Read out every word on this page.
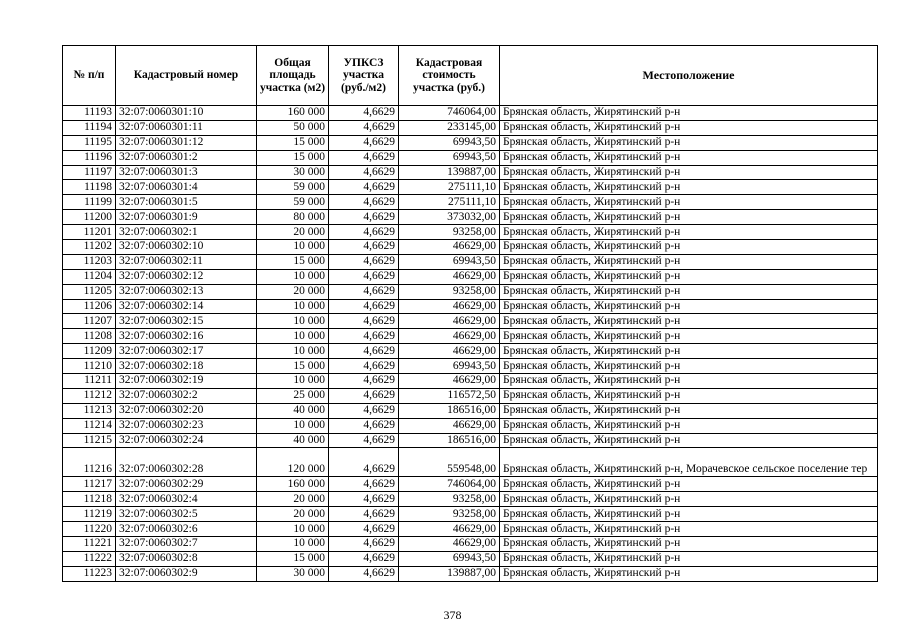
№ п/п	Кадастровый номер	Общая площадь участка (м2)	УПКСЗ участка (руб./м2)	Кадастровая стоимость участка (руб.)	Местоположение
11193	32:07:0060301:10	160 000	4,6629	746064,00	Брянская область, Жирятинский р-н
11194	32:07:0060301:11	50 000	4,6629	233145,00	Брянская область, Жирятинский р-н
11195	32:07:0060301:12	15 000	4,6629	69943,50	Брянская область, Жирятинский р-н
11196	32:07:0060301:2	15 000	4,6629	69943,50	Брянская область, Жирятинский р-н
11197	32:07:0060301:3	30 000	4,6629	139887,00	Брянская область, Жирятинский р-н
11198	32:07:0060301:4	59 000	4,6629	275111,10	Брянская область, Жирятинский р-н
11199	32:07:0060301:5	59 000	4,6629	275111,10	Брянская область, Жирятинский р-н
11200	32:07:0060301:9	80 000	4,6629	373032,00	Брянская область, Жирятинский р-н
11201	32:07:0060302:1	20 000	4,6629	93258,00	Брянская область, Жирятинский р-н
11202	32:07:0060302:10	10 000	4,6629	46629,00	Брянская область, Жирятинский р-н
11203	32:07:0060302:11	15 000	4,6629	69943,50	Брянская область, Жирятинский р-н
11204	32:07:0060302:12	10 000	4,6629	46629,00	Брянская область, Жирятинский р-н
11205	32:07:0060302:13	20 000	4,6629	93258,00	Брянская область, Жирятинский р-н
11206	32:07:0060302:14	10 000	4,6629	46629,00	Брянская область, Жирятинский р-н
11207	32:07:0060302:15	10 000	4,6629	46629,00	Брянская область, Жирятинский р-н
11208	32:07:0060302:16	10 000	4,6629	46629,00	Брянская область, Жирятинский р-н
11209	32:07:0060302:17	10 000	4,6629	46629,00	Брянская область, Жирятинский р-н
11210	32:07:0060302:18	15 000	4,6629	69943,50	Брянская область, Жирятинский р-н
11211	32:07:0060302:19	10 000	4,6629	46629,00	Брянская область, Жирятинский р-н
11212	32:07:0060302:2	25 000	4,6629	116572,50	Брянская область, Жирятинский р-н
11213	32:07:0060302:20	40 000	4,6629	186516,00	Брянская область, Жирятинский р-н
11214	32:07:0060302:23	10 000	4,6629	46629,00	Брянская область, Жирятинский р-н
11215	32:07:0060302:24	40 000	4,6629	186516,00	Брянская область, Жирятинский р-н
11216	32:07:0060302:28	120 000	4,6629	559548,00	Брянская область, Жирятинский р-н, Морачевское сельское поселение тер
11217	32:07:0060302:29	160 000	4,6629	746064,00	Брянская область, Жирятинский р-н
11218	32:07:0060302:4	20 000	4,6629	93258,00	Брянская область, Жирятинский р-н
11219	32:07:0060302:5	20 000	4,6629	93258,00	Брянская область, Жирятинский р-н
11220	32:07:0060302:6	10 000	4,6629	46629,00	Брянская область, Жирятинский р-н
11221	32:07:0060302:7	10 000	4,6629	46629,00	Брянская область, Жирятинский р-н
11222	32:07:0060302:8	15 000	4,6629	69943,50	Брянская область, Жирятинский р-н
11223	32:07:0060302:9	30 000	4,6629	139887,00	Брянская область, Жирятинский р-н
378
